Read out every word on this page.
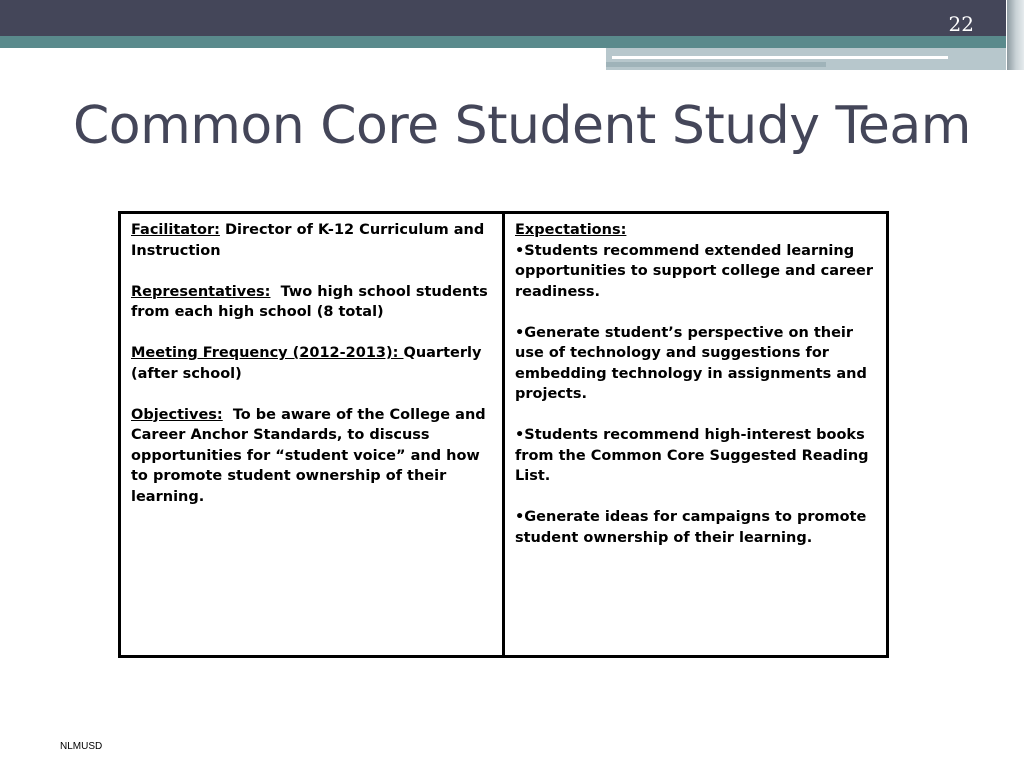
22
Common Core Student Study Team

Facilitator: Director of K-12 Curriculum and Instruction

Representatives:  Two high school students from each high school (8 total)

Meeting Frequency (2012-2013): Quarterly (after school)

Objectives:  To be aware of the College and Career Anchor Standards, to discuss opportunities for “student voice” and how to promote student ownership of their learning.

Expectations:

•Students recommend extended learning opportunities to support college and career readiness.

•Generate student’s perspective on their use of technology and suggestions for embedding technology in assignments and projects.

•Students recommend high-interest books from the Common Core Suggested Reading List.

•Generate ideas for campaigns to promote student ownership of their learning.

NLMUSD
